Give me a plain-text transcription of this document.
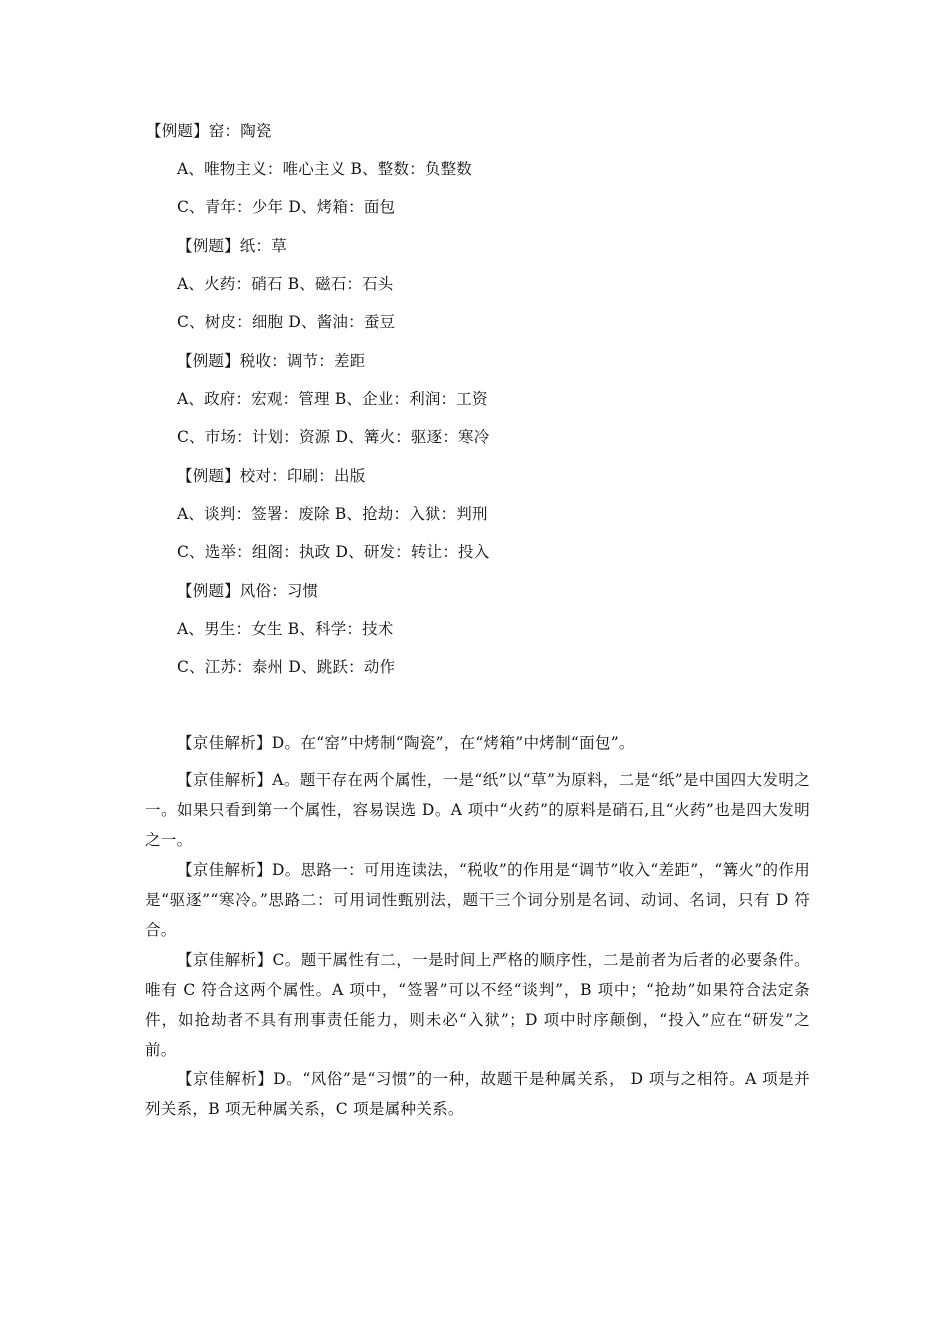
【例题】窑：陶瓷
A、唯物主义：唯心主义 B、整数：负整数
C、青年：少年 D、烤箱：面包
【例题】纸：草
A、火药：硝石 B、磁石：石头
C、树皮：细胞 D、酱油：蚕豆
【例题】税收：调节：差距
A、政府：宏观：管理 B、企业：利润：工资
C、市场：计划：资源 D、篝火：驱逐：寒冷
【例题】校对：印刷：出版
A、谈判：签署：废除 B、抢劫：入狱：判刑
C、选举：组阁：执政 D、研发：转让：投入
【例题】风俗：习惯
A、男生：女生 B、科学：技术
C、江苏：泰州 D、跳跃：动作

【京佳解析】D。在“窑”中烤制“陶瓷”，在“烤箱”中烤制“面包”。

【京佳解析】A。题干存在两个属性，一是“纸”以“草”为原料，二是“纸”是中国四大发明之一。如果只看到第一个属性，容易误选 D。A 项中“火药”的原料是硝石,且“火药”也是四大发明之一。

【京佳解析】D。思路一：可用连读法，“税收”的作用是“调节”收入“差距”，“篝火”的作用是“驱逐”“寒冷。”思路二：可用词性甄别法，题干三个词分别是名词、动词、名词，只有 D 符合。

【京佳解析】C。题干属性有二，一是时间上严格的顺序性，二是前者为后者的必要条件。唯有 C 符合这两个属性。A 项中，“签署”可以不经“谈判”，B 项中；“抢劫”如果符合法定条件，如抢劫者不具有刑事责任能力，则未必“入狱”；D 项中时序颠倒，“投入”应在“研发”之前。

【京佳解析】D。“风俗”是“习惯”的一种，故题干是种属关系， D 项与之相符。A 项是并列关系，B 项无种属关系，C 项是属种关系。
